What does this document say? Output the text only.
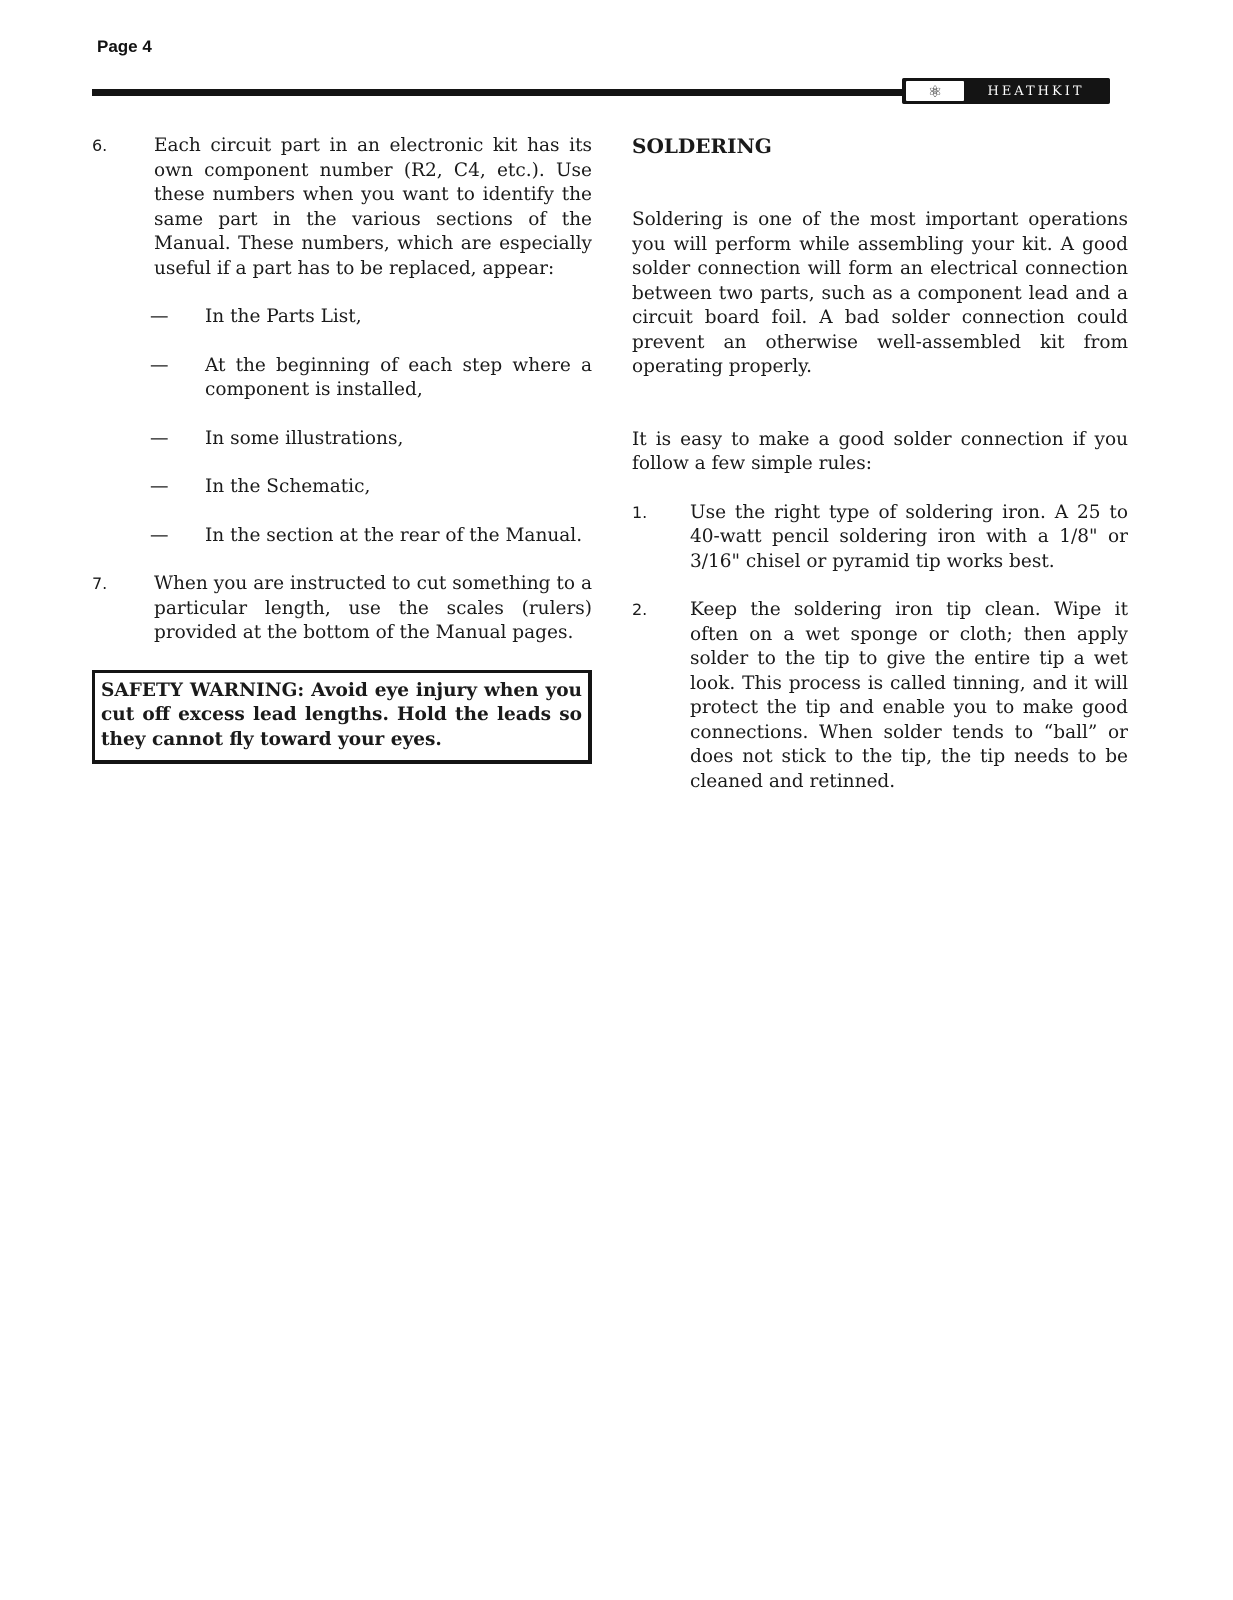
Page 4
⚛	HEATHKIT
6.	Each circuit part in an electronic kit has its own component number (R2, C4, etc.). Use these numbers when you want to identify the same part in the various sections of the Manual. These numbers, which are especially useful if a part has to be replaced, appear:
—	In the Parts List,
—	At the beginning of each step where a component is installed,
—	In some illustrations,
—	In the Schematic,
—	In the section at the rear of the Manual.
7.	When you are instructed to cut something to a particular length, use the scales (rulers) provided at the bottom of the Manual pages.
SAFETY WARNING: Avoid eye injury when you cut off excess lead lengths. Hold the leads so they cannot fly toward your eyes.
SOLDERING

Soldering is one of the most important operations you will perform while assembling your kit. A good solder connection will form an electrical connection between two parts, such as a component lead and a circuit board foil. A bad solder connection could prevent an otherwise well-assembled kit from operating properly.

It is easy to make a good solder connection if you follow a few simple rules:

1.	Use the right type of soldering iron. A 25 to 40-watt pencil soldering iron with a 1/8" or 3/16" chisel or pyramid tip works best.
2.	Keep the soldering iron tip clean. Wipe it often on a wet sponge or cloth; then apply solder to the tip to give the entire tip a wet look. This process is called tinning, and it will protect the tip and enable you to make good connections. When solder tends to “ball” or does not stick to the tip, the tip needs to be cleaned and retinned.
